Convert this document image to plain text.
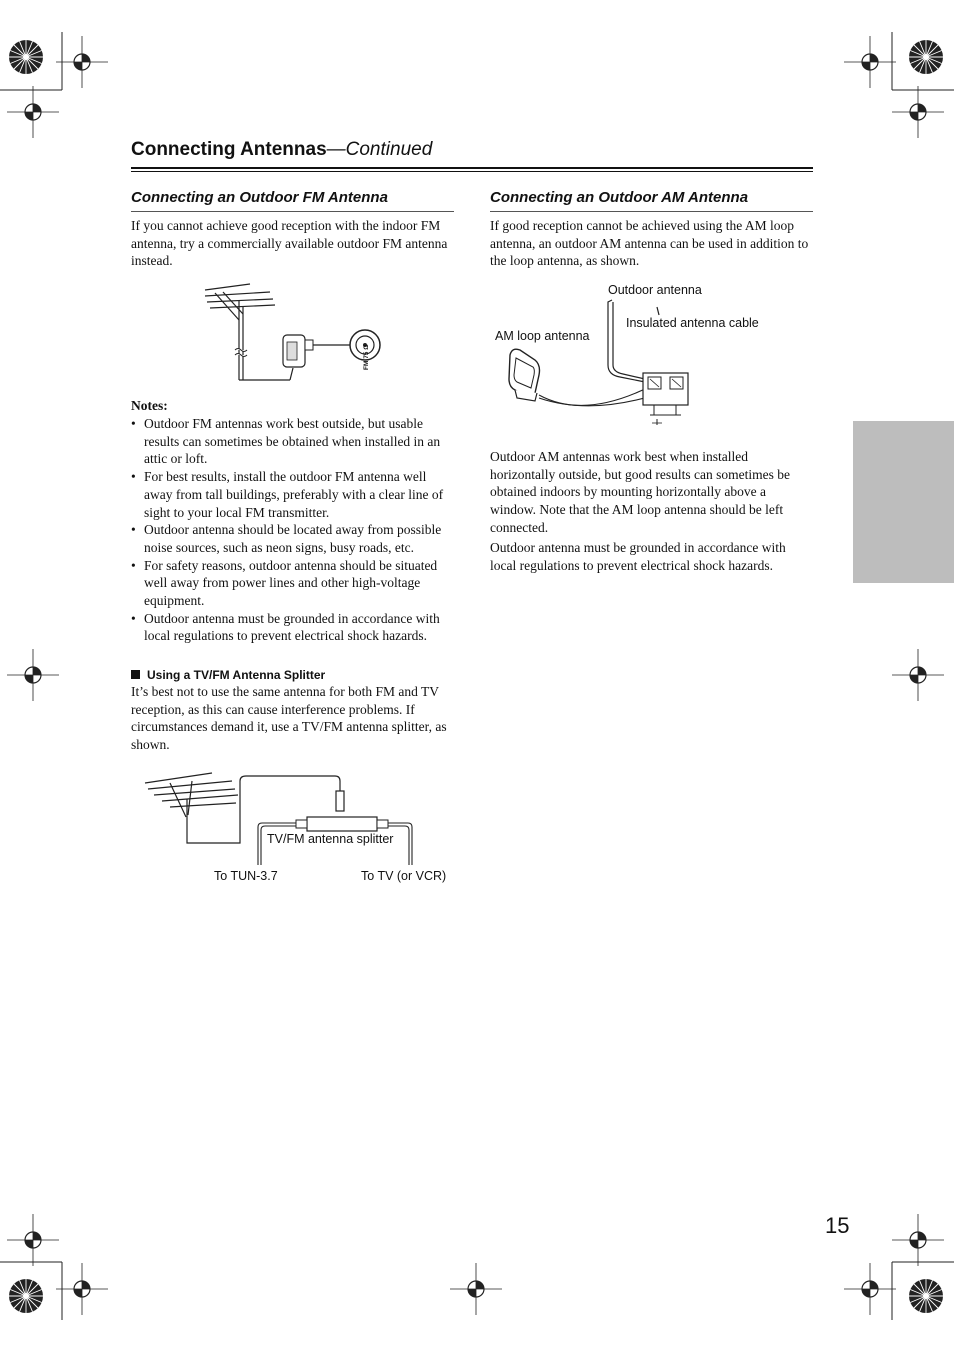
Connecting Antennas—Continued
Connecting an Outdoor FM Antenna
If you cannot achieve good reception with the indoor FM antenna, try a commercially available outdoor FM antenna instead.
FM 75 Ω
Notes:
• Outdoor FM antennas work best outside, but usable results can sometimes be obtained when installed in an attic or loft.
• For best results, install the outdoor FM antenna well away from tall buildings, preferably with a clear line of sight to your local FM transmitter.
• Outdoor antenna should be located away from possible noise sources, such as neon signs, busy roads, etc.
• For safety reasons, outdoor antenna should be situated well away from power lines and other high-voltage equipment.
• Outdoor antenna must be grounded in accordance with local regulations to prevent electrical shock hazards.
Using a TV/FM Antenna Splitter
It’s best not to use the same antenna for both FM and TV reception, as this can cause interference problems. If circumstances demand it, use a TV/FM antenna splitter, as shown.
TV/FM antenna splitter
To TUN-3.7	To TV (or VCR)
Connecting an Outdoor AM Antenna
If good reception cannot be achieved using the AM loop antenna, an outdoor AM antenna can be used in addition to the loop antenna, as shown.
Outdoor antenna
Insulated antenna cable
AM loop antenna
Outdoor AM antennas work best when installed horizontally outside, but good results can sometimes be obtained indoors by mounting horizontally above a window. Note that the AM loop antenna should be left connected.
Outdoor antenna must be grounded in accordance with local regulations to prevent electrical shock hazards.
15
